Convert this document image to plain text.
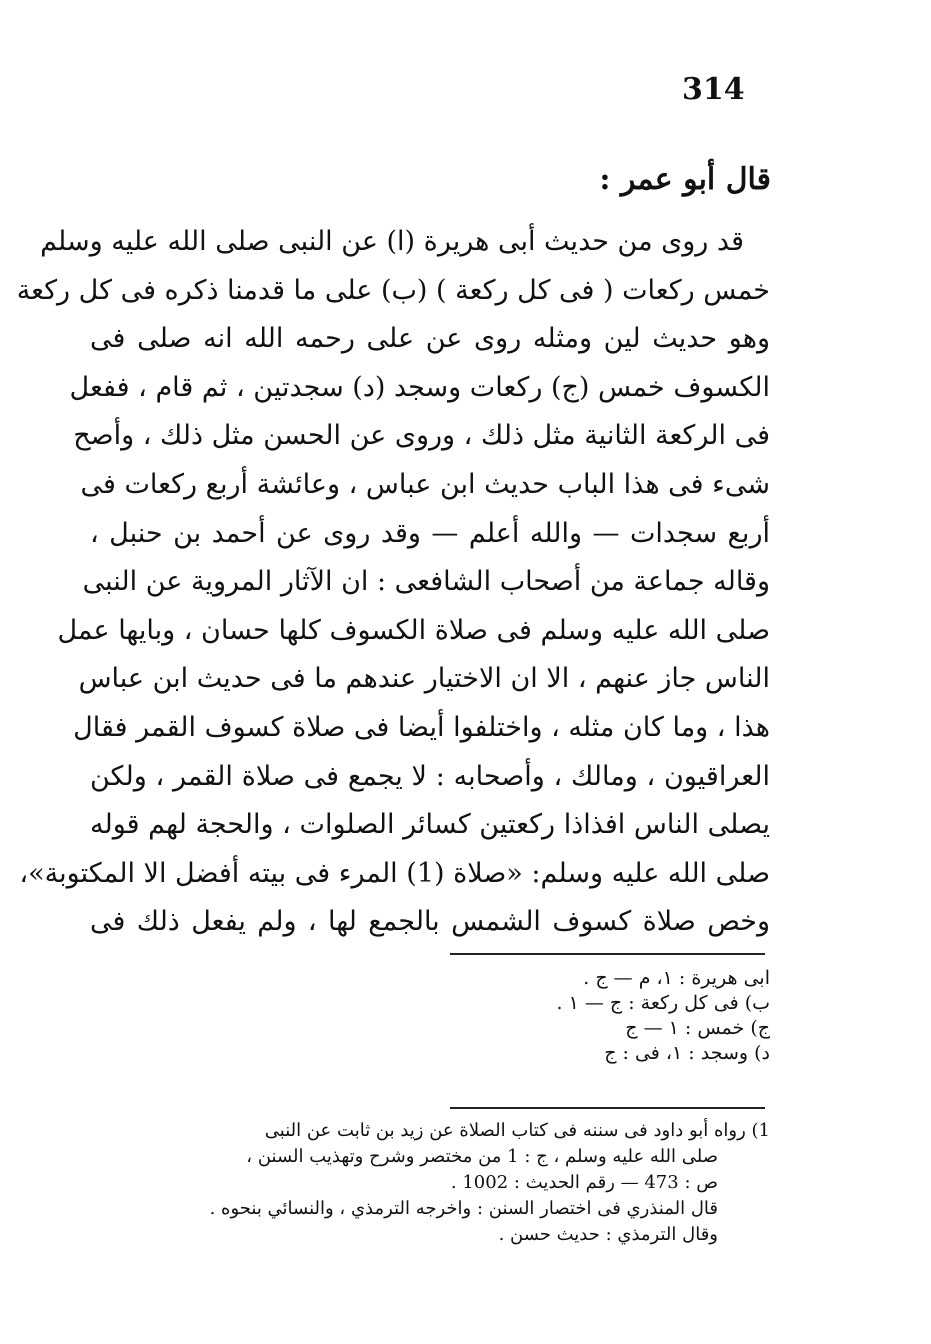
314
قال أبو عمر :
قد روى من حديث أبى هريرة (ا) عن النبى صلى الله عليه وسلم
خمس ركعات ( فى كل ركعة ) (ب) على ما قدمنا ذكره فى كل ركعة
وهو حديث لين ومثله روى عن على رحمه الله انه صلى فى
الكسوف خمس (ج) ركعات وسجد (د) سجدتين ، ثم قام ، ففعل
فى الركعة الثانية مثل ذلك ، وروى عن الحسن مثل ذلك ، وأصح
شىء فى هذا الباب حديث ابن عباس ، وعائشة أربع ركعات فى
أربع سجدات — والله أعلم — وقد روى عن أحمد بن حنبل ،
وقاله جماعة من أصحاب الشافعى : ان الآثار المروية عن النبى
صلى الله عليه وسلم فى صلاة الكسوف كلها حسان ، وبايها عمل
الناس جاز عنهم ، الا ان الاختيار عندهم ما فى حديث ابن عباس
هذا ، وما كان مثله ، واختلفوا أيضا فى صلاة كسوف القمر فقال
العراقيون ، ومالك ، وأصحابه : لا يجمع فى صلاة القمر ، ولكن
يصلى الناس افذاذا ركعتين كسائر الصلوات ، والحجة لهم قوله
صلى الله عليه وسلم: «صلاة (1) المرء فى بيته أفضل الا المكتوبة»،
وخص صلاة كسوف الشمس بالجمع لها ، ولم يفعل ذلك فى
ابى هريرة : ١، م — ج .
ب) فى كل ركعة : ج — ١ .
ج) خمس : ١ — ج
د) وسجد : ١، فى : ج
1) رواه أبو داود فى سننه فى كتاب الصلاة عن زيد بن ثابت عن النبى
صلى الله عليه وسلم ، ج : 1 من مختصر وشرح وتهذيب السنن ،
ص : 473 — رقم الحديث : 1002 .
قال المنذري فى اختصار السنن : واخرجه الترمذي ، والنسائي بنحوه .
وقال الترمذي : حديث حسن .
